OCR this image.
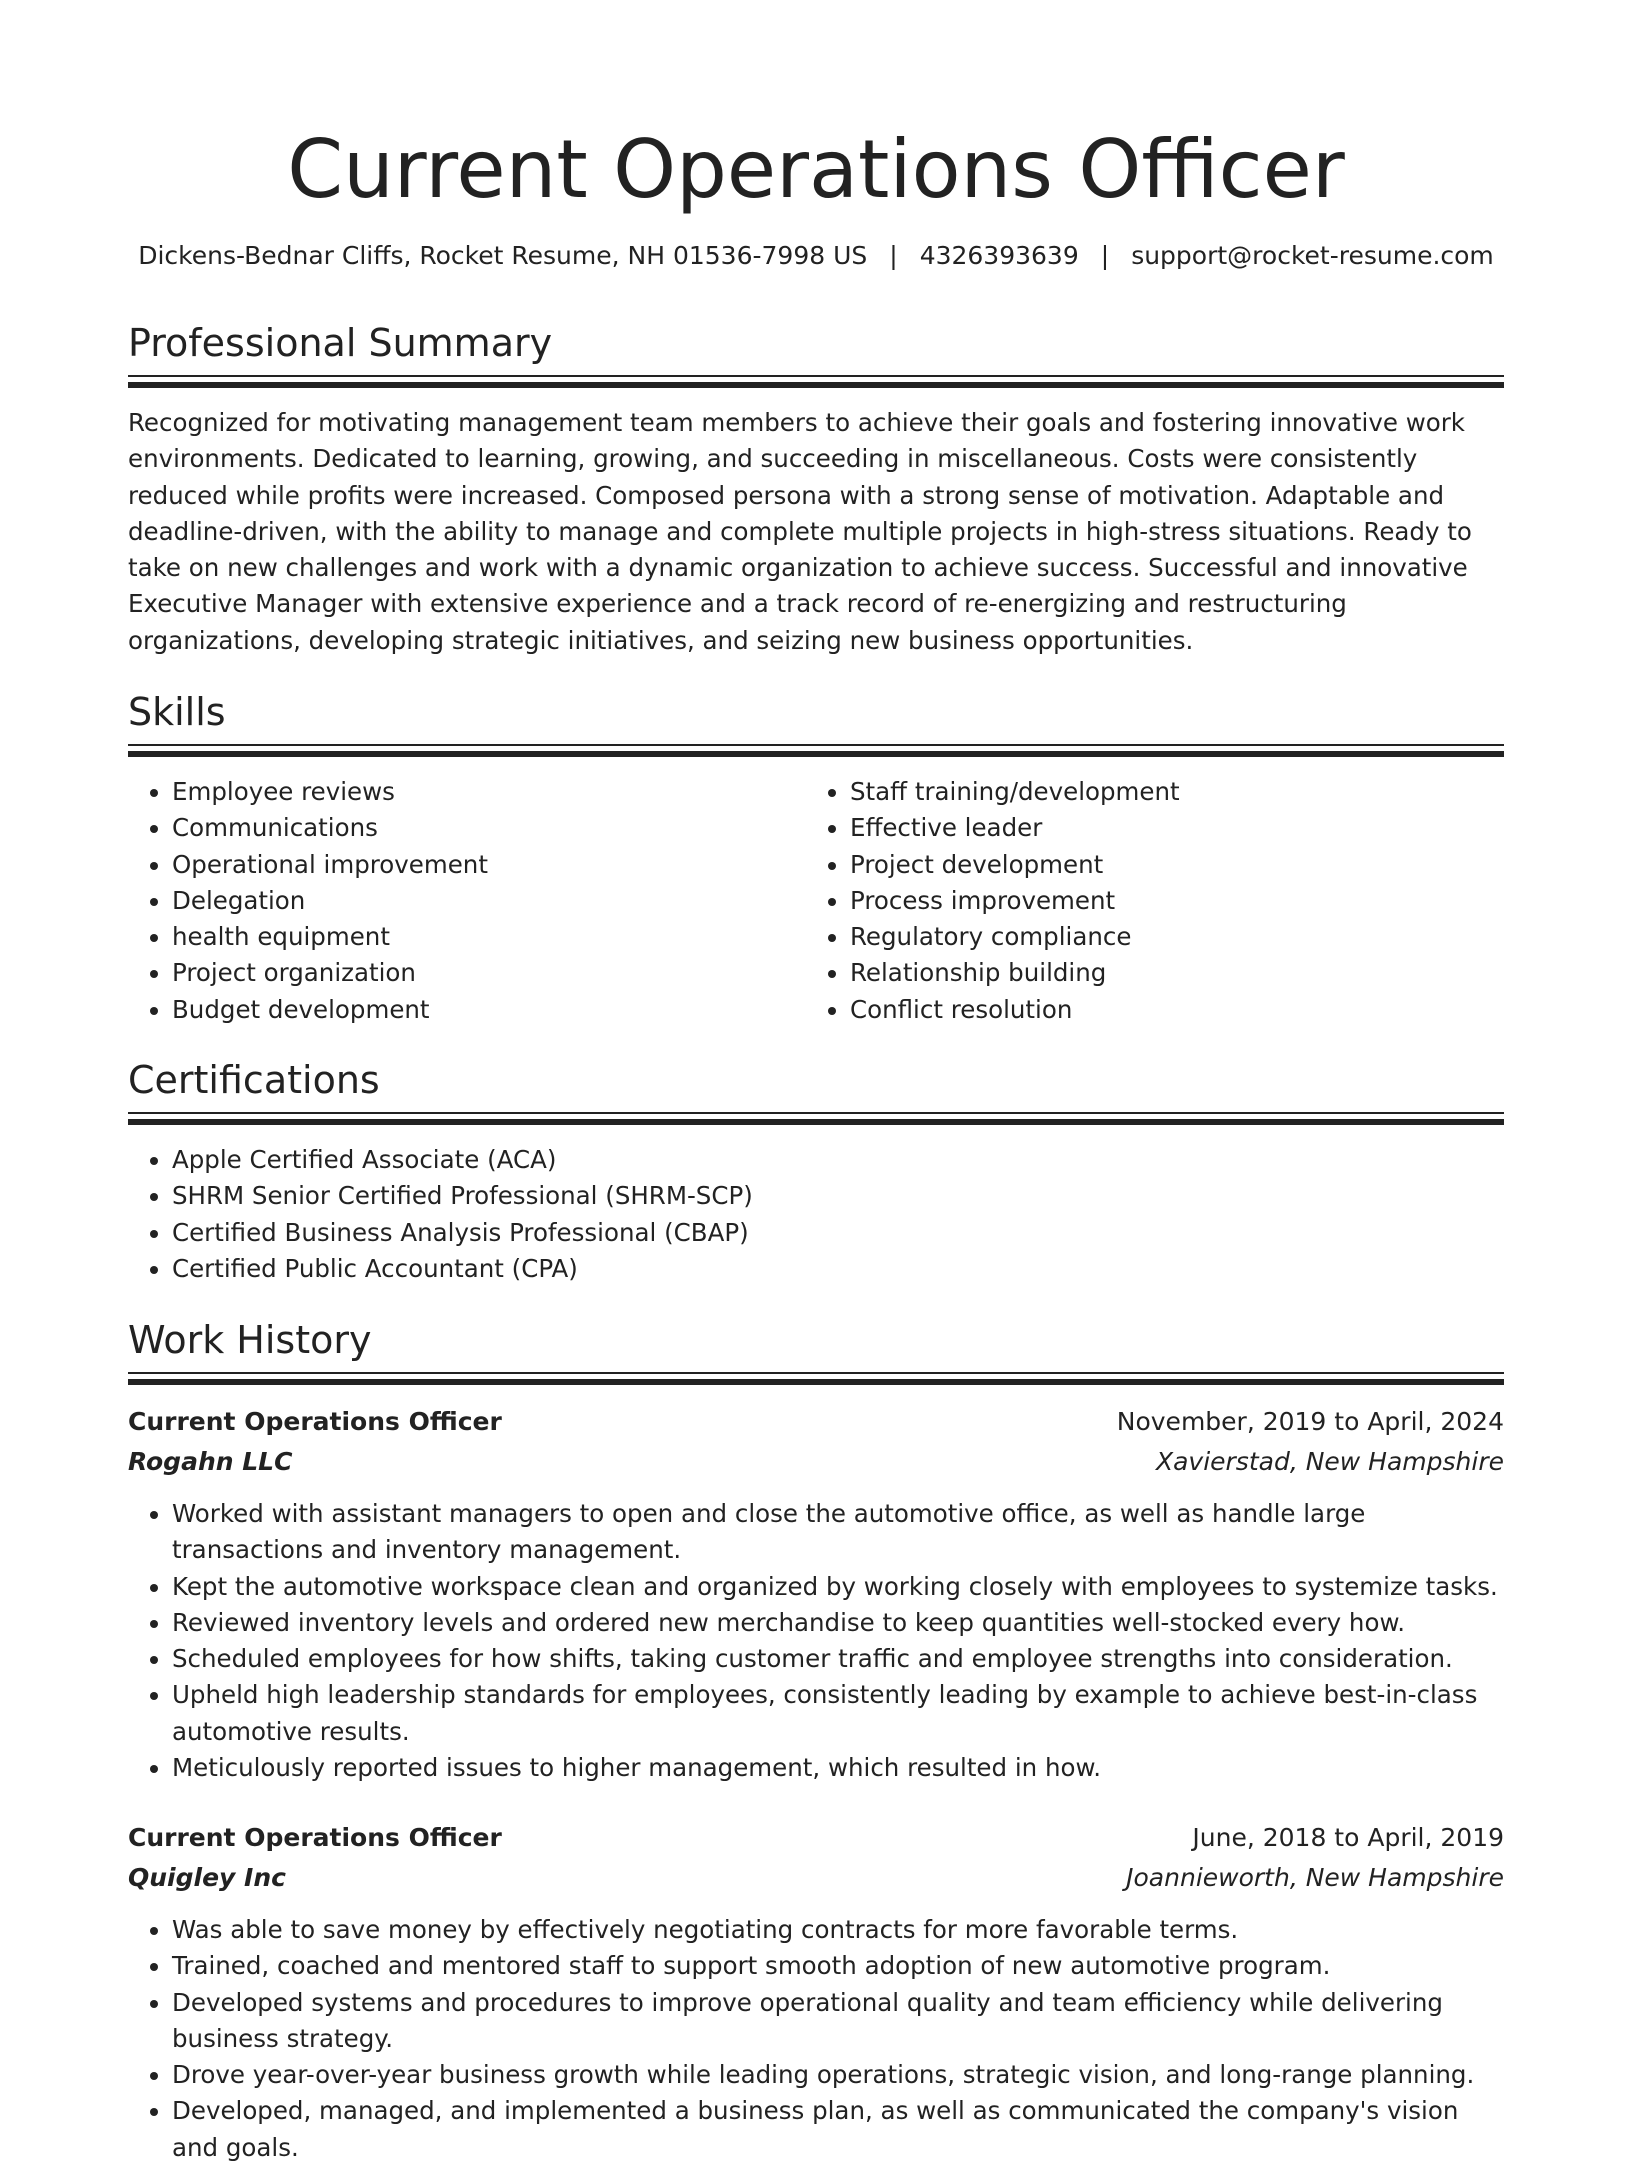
Current Operations Officer
Dickens-Bednar Cliffs, Rocket Resume, NH 01536-7998 US | 4326393639 | support@rocket-resume.com
Professional Summary

Recognized for motivating management team members to achieve their goals and fostering innovative work environments. Dedicated to learning, growing, and succeeding in miscellaneous. Costs were consistently reduced while profits were increased. Composed persona with a strong sense of motivation. Adaptable and deadline-driven, with the ability to manage and complete multiple projects in high-stress situations. Ready to take on new challenges and work with a dynamic organization to achieve success. Successful and innovative Executive Manager with extensive experience and a track record of re-energizing and restructuring organizations, developing strategic initiatives, and seizing new business opportunities.

Skills
• Employee reviews
• Communications
• Operational improvement
• Delegation
• health equipment
• Project organization
• Budget development
• Staff training/development
• Effective leader
• Project development
• Process improvement
• Regulatory compliance
• Relationship building
• Conflict resolution
Certifications
• Apple Certified Associate (ACA)
• SHRM Senior Certified Professional (SHRM-SCP)
• Certified Business Analysis Professional (CBAP)
• Certified Public Accountant (CPA)
Work History
Current Operations Officer	November, 2019 to April, 2024
Rogahn LLC	Xavierstad, New Hampshire
• Worked with assistant managers to open and close the automotive office, as well as handle large transactions and inventory management.
• Kept the automotive workspace clean and organized by working closely with employees to systemize tasks.
• Reviewed inventory levels and ordered new merchandise to keep quantities well-stocked every how.
• Scheduled employees for how shifts, taking customer traffic and employee strengths into consideration.
• Upheld high leadership standards for employees, consistently leading by example to achieve best-in-class automotive results.
• Meticulously reported issues to higher management, which resulted in how.
Current Operations Officer	June, 2018 to April, 2019
Quigley Inc	Joannieworth, New Hampshire
• Was able to save money by effectively negotiating contracts for more favorable terms.
• Trained, coached and mentored staff to support smooth adoption of new automotive program.
• Developed systems and procedures to improve operational quality and team efficiency while delivering business strategy.
• Drove year-over-year business growth while leading operations, strategic vision, and long-range planning.
• Developed, managed, and implemented a business plan, as well as communicated the company's vision and goals.
